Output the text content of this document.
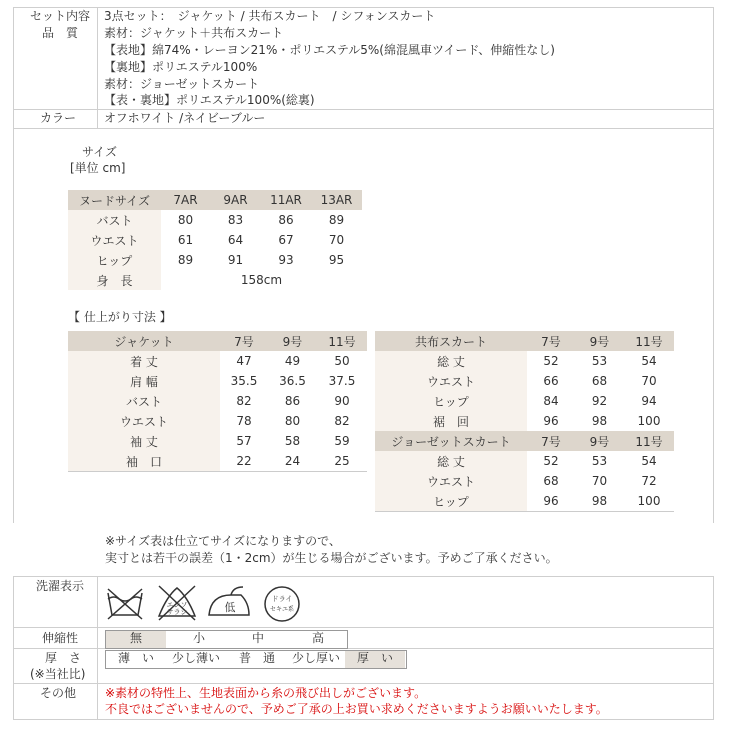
セット内容 3点セット：　ジャケット / 共布スカート　/ シフォンスカート
品　質 素材：ジャケット＋共布スカート
【表地】綿74%・レーヨン21%・ポリエステル5%(綿混風車ツイード、伸縮性なし)
【裏地】ポリエステル100%
素材：ジョーゼットスカート
【表・裏地】ポリエステル100%(総裏)
カラー オフホワイト /ネイビーブルー
サイズ
[単位 cm]
ヌードサイズ	7AR	9AR	11AR	13AR
バスト	80	83	86	89
ウエスト	61	64	67	70
ヒップ	89	91	93	95
身　長	158cm			
【 仕上がり寸法 】
ジャケット	7号	9号	11号
着 丈	47	49	50
肩 幅	35.5	36.5	37.5
バスト	82	86	90
ウエスト	78	80	82
袖 丈	57	58	59
袖　口	22	24	25
共布スカート	7号	9号	11号
総 丈	52	53	54
ウエスト	66	68	70
ヒップ	84	92	94
裾　回	96	98	100
ジョーゼットスカート	7号	9号	11号
総 丈	52	53	54
ウエスト	68	70	72
ヒップ	96	98	100
※サイズ表は仕立てサイズになりますので、
実寸とは若干の誤差（1・2cm）が生じる場合がございます。予めご了承ください。
洗濯表示
エンソ
サラシ	低
ドライ
セキユ系
伸縮性	無	小	中	高
厚　さ
(※当社比)
薄　い 少し薄い 普　通 少し厚い 厚　い
その他 ※素材の特性上、生地表面から糸の飛び出しがございます。
不良ではございませんので、予めご了承の上お買い求めくださいますようお願いいたします。
